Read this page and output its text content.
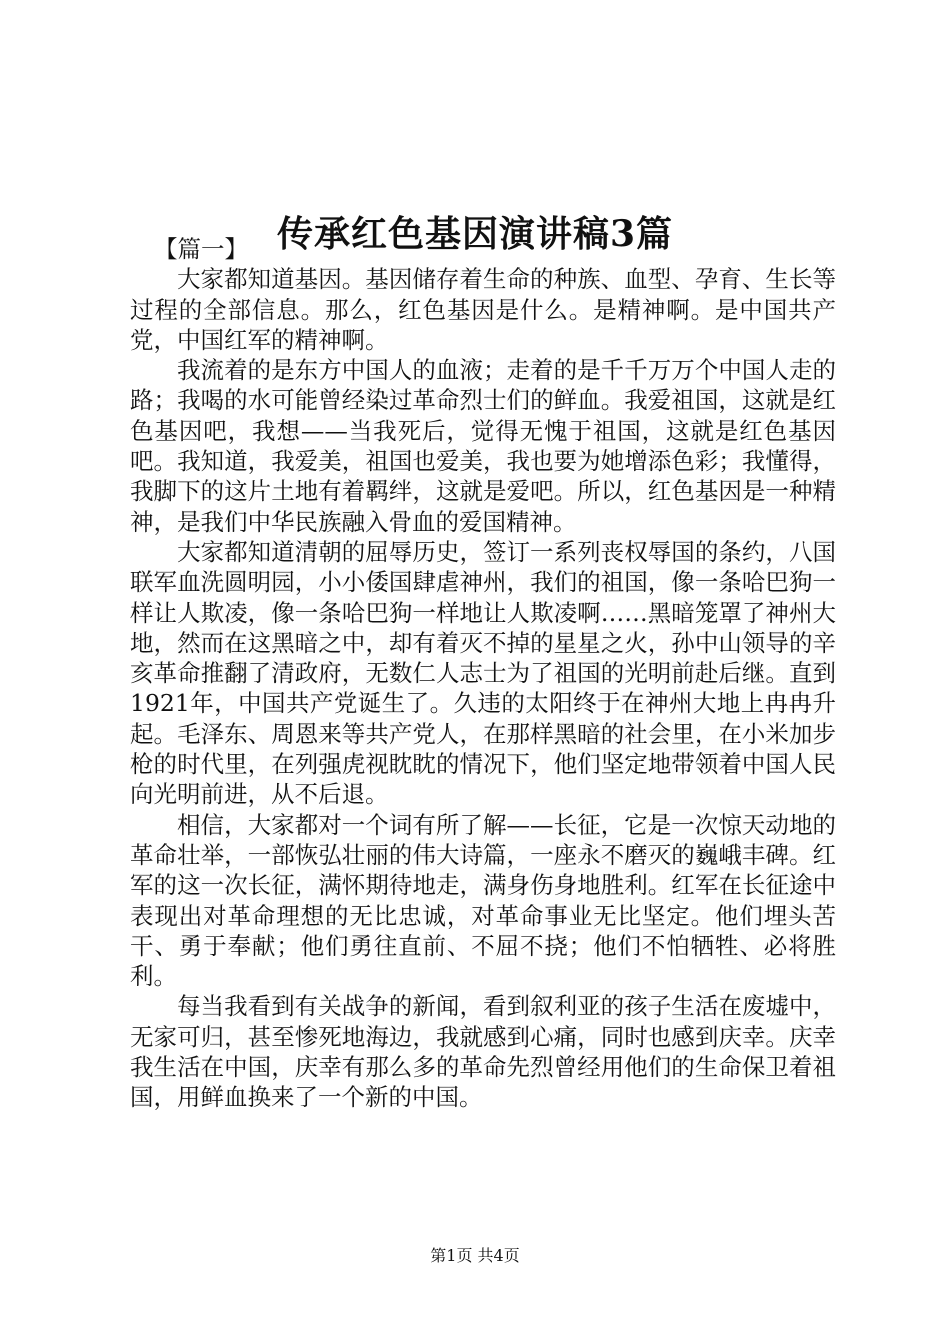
传承红色基因演讲稿3篇

【篇一】

大家都知道基因。基因储存着生命的种族、血型、孕育、生长等过程的全部信息。那么，红色基因是什么。是精神啊。是中国共产党，中国红军的精神啊。

我流着的是东方中国人的血液；走着的是千千万万个中国人走的路；我喝的水可能曾经染过革命烈士们的鲜血。我爱祖国，这就是红色基因吧，我想——当我死后，觉得无愧于祖国，这就是红色基因吧。我知道，我爱美，祖国也爱美，我也要为她增添色彩；我懂得，我脚下的这片土地有着羁绊，这就是爱吧。所以，红色基因是一种精神，是我们中华民族融入骨血的爱国精神。

大家都知道清朝的屈辱历史，签订一系列丧权辱国的条约，八国联军血洗圆明园，小小倭国肆虐神州，我们的祖国，像一条哈巴狗一样让人欺凌，像一条哈巴狗一样地让人欺凌啊……黑暗笼罩了神州大地，然而在这黑暗之中，却有着灭不掉的星星之火，孙中山领导的辛亥革命推翻了清政府，无数仁人志士为了祖国的光明前赴后继。直到1921年，中国共产党诞生了。久违的太阳终于在神州大地上冉冉升起。毛泽东、周恩来等共产党人，在那样黑暗的社会里，在小米加步枪的时代里，在列强虎视眈眈的情况下，他们坚定地带领着中国人民向光明前进，从不后退。

相信，大家都对一个词有所了解——长征，它是一次惊天动地的革命壮举，一部恢弘壮丽的伟大诗篇，一座永不磨灭的巍峨丰碑。红军的这一次长征，满怀期待地走，满身伤身地胜利。红军在长征途中表现出对革命理想的无比忠诚，对革命事业无比坚定。他们埋头苦干、勇于奉献；他们勇往直前、不屈不挠；他们不怕牺牲、必将胜利。

每当我看到有关战争的新闻，看到叙利亚的孩子生活在废墟中，无家可归，甚至惨死地海边，我就感到心痛，同时也感到庆幸。庆幸我生活在中国，庆幸有那么多的革命先烈曾经用他们的生命保卫着祖国，用鲜血换来了一个新的中国。

第1页 共4页
